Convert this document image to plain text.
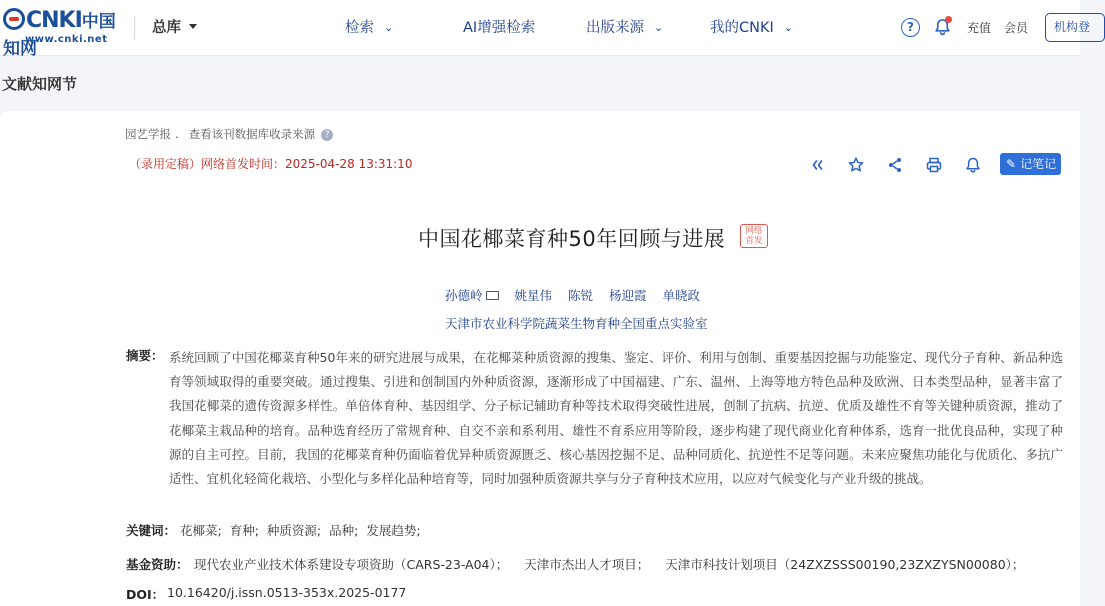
CNKI中国知网
www.cnki.net
总库	检索 ⌄	AI增强检索	出版来源 ⌄	我的CNKI ⌄	?	充值 会员	机构登
文献知网节
园艺学报 . 查看该刊数据库收录来源 ?
（录用定稿）网络首发时间：2025-04-28 13:31:10	✎ 记笔记
中国花椰菜育种50年回顾与进展 网络首发
孙德岭	姚星伟 陈锐 杨迎霞 单晓政
天津市农业科学院蔬菜生物育种全国重点实验室
摘要： 系统回顾了中国花椰菜育种50年来的研究进展与成果，在花椰菜种质资源的搜集、鉴定、评价、利用与创制、重要基因挖掘与功能鉴定、现代分子育种、新品种选育等领域取得的重要突破。通过搜集、引进和创制国内外种质资源，逐渐形成了中国福建、广东、温州、上海等地方特色品种及欧洲、日本类型品种，显著丰富了我国花椰菜的遗传资源多样性。单倍体育种、基因组学、分子标记辅助育种等技术取得突破性进展，创制了抗病、抗逆、优质及雄性不育等关键种质资源，推动了花椰菜主栽品种的培育。品种选育经历了常规育种、自交不亲和系利用、雄性不育系应用等阶段，逐步构建了现代商业化育种体系，选育一批优良品种，实现了种源的自主可控。目前，我国的花椰菜育种仍面临着优异种质资源匮乏、核心基因挖掘不足、品种同质化、抗逆性不足等问题。未来应聚焦功能化与优质化、多抗广适性、宜机化轻简化栽培、小型化与多样化品种培育等，同时加强种质资源共享与分子育种技术应用，以应对气候变化与产业升级的挑战。
关键词： 花椰菜; 育种; 种质资源; 品种; 发展趋势;
基金资助： 现代农业产业技术体系建设专项资助（CARS-23-A04）； 天津市杰出人才项目； 天津市科技计划项目（24ZXZSSS00190,23ZXZYSN00080）；
DOI： 10.16420/j.issn.0513-353x.2025-0177
